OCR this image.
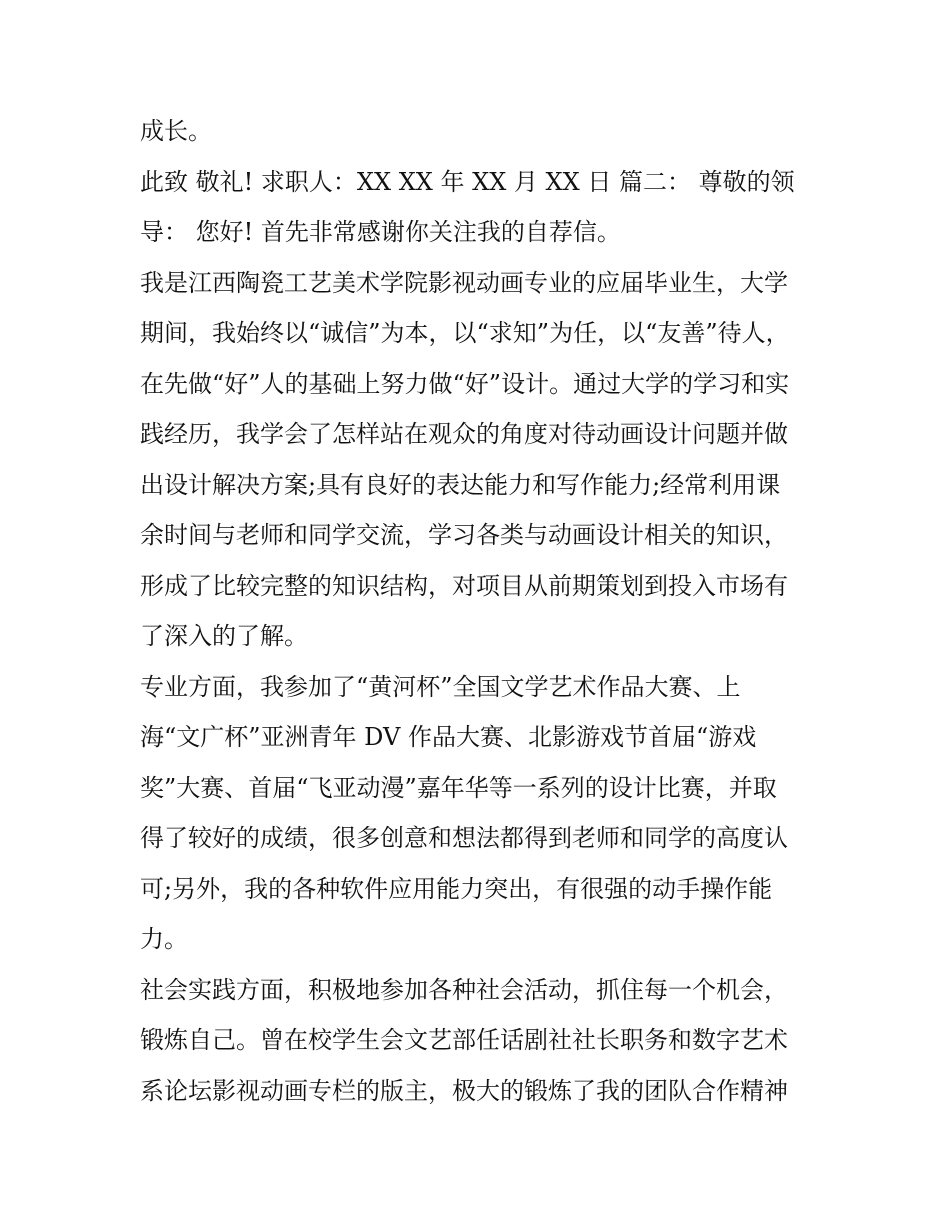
成长。
此致 敬礼! 求职人：XX XX 年 XX 月 XX 日 篇二： 尊敬的领
导： 您好! 首先非常感谢你关注我的自荐信。
我是江西陶瓷工艺美术学院影视动画专业的应届毕业生，大学
期间，我始终以“诚信”为本，以“求知”为任，以“友善”待人，
在先做“好”人的基础上努力做“好”设计。通过大学的学习和实
践经历，我学会了怎样站在观众的角度对待动画设计问题并做
出设计解决方案;具有良好的表达能力和写作能力;经常利用课
余时间与老师和同学交流，学习各类与动画设计相关的知识，
形成了比较完整的知识结构，对项目从前期策划到投入市场有
了深入的了解。
专业方面，我参加了“黄河杯”全国文学艺术作品大赛、上
海“文广杯”亚洲青年 DV 作品大赛、北影游戏节首届“游戏
奖”大赛、首届“飞亚动漫”嘉年华等一系列的设计比赛，并取
得了较好的成绩，很多创意和想法都得到老师和同学的高度认
可;另外，我的各种软件应用能力突出，有很强的动手操作能
力。
社会实践方面，积极地参加各种社会活动，抓住每一个机会，
锻炼自己。曾在校学生会文艺部任话剧社社长职务和数字艺术
系论坛影视动画专栏的版主，极大的锻炼了我的团队合作精神
